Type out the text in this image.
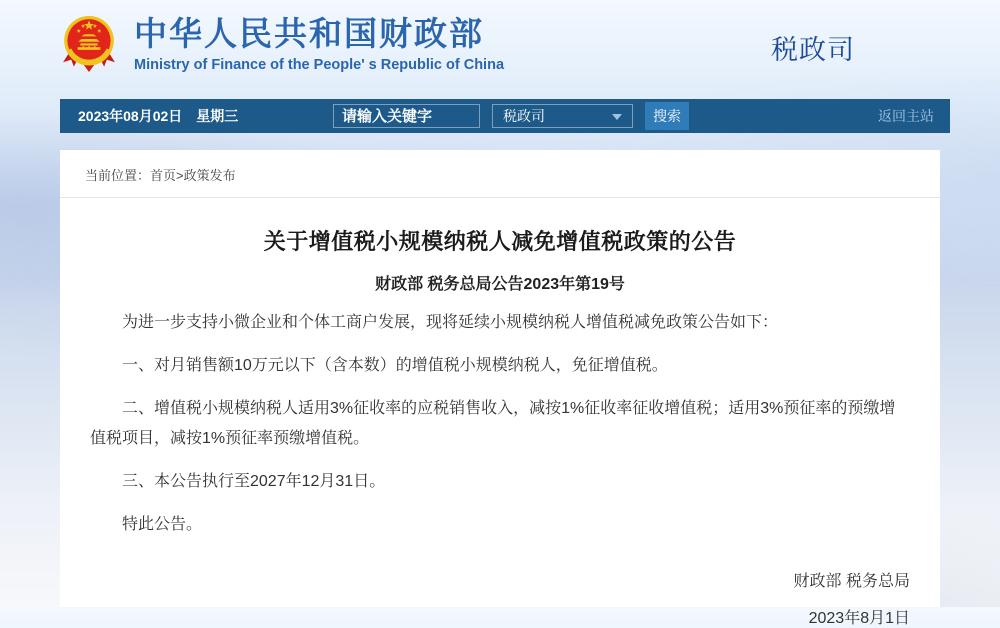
中华人民共和国财政部
Ministry of Finance of the People' s Republic of China	税政司
2023年08月02日　星期三
请输入关键字	税政司	搜索	返回主站
当前位置：首页>政策发布
关于增值税小规模纳税人减免增值税政策的公告
财政部 税务总局公告2023年第19号

为进一步支持小微企业和个体工商户发展，现将延续小规模纳税人增值税减免政策公告如下：

一、对月销售额10万元以下（含本数）的增值税小规模纳税人，免征增值税。

二、增值税小规模纳税人适用3%征收率的应税销售收入，减按1%征收率征收增值税；适用3%预征率的预缴增值税项目，减按1%预征率预缴增值税。

三、本公告执行至2027年12月31日。

特此公告。

财政部 税务总局
2023年8月1日
